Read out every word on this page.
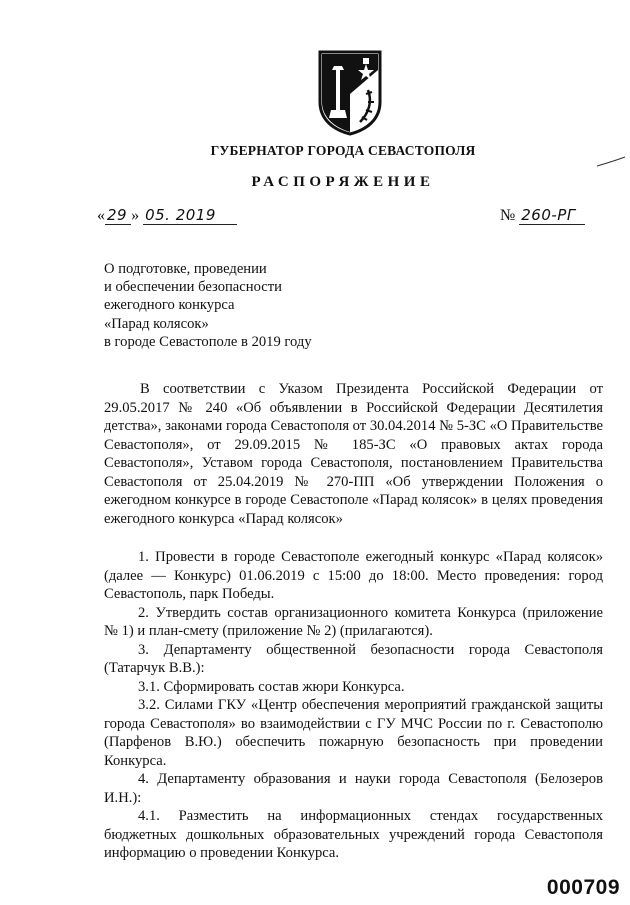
ГУБЕРНАТОР ГОРОДА СЕВАСТОПОЛЯ
РАСПОРЯЖЕНИЕ
« 29 » 05. 2019	№ 260-РГ
О подготовке, проведении
и обеспечении безопасности
ежегодного конкурса
«Парад колясок»
в городе Севастополе в 2019 году
В соответствии с Указом Президента Российской Федерации от 29.05.2017 № 240 «Об объявлении в Российской Федерации Десятилетия детства», законами города Севастополя от 30.04.2014 № 5-ЗС «О Правительстве Севастополя», от 29.09.2015 № 185-ЗС «О правовых актах города Севастополя», Уставом города Севастополя, постановлением Правительства Севастополя от 25.04.2019 № 270-ПП «Об утверждении Положения о ежегодном конкурсе в городе Севастополе «Парад колясок» в целях проведения ежегодного конкурса «Парад колясок»

1. Провести в городе Севастополе ежегодный конкурс «Парад колясок» (далее — Конкурс) 01.06.2019 с 15:00 до 18:00. Место проведения: город Севастополь, парк Победы.

2. Утвердить состав организационного комитета Конкурса (приложение № 1) и план-смету (приложение № 2) (прилагаются).

3. Департаменту общественной безопасности города Севастополя (Татарчук В.В.):

3.1. Сформировать состав жюри Конкурса.

3.2. Силами ГКУ «Центр обеспечения мероприятий гражданской защиты города Севастополя» во взаимодействии с ГУ МЧС России по г. Севастополю (Парфенов В.Ю.) обеспечить пожарную безопасность при проведении Конкурса.

4. Департаменту образования и науки города Севастополя (Белозеров И.Н.):

4.1. Разместить на информационных стендах государственных бюджетных дошкольных образовательных учреждений города Севастополя информацию о проведении Конкурса.

000709
